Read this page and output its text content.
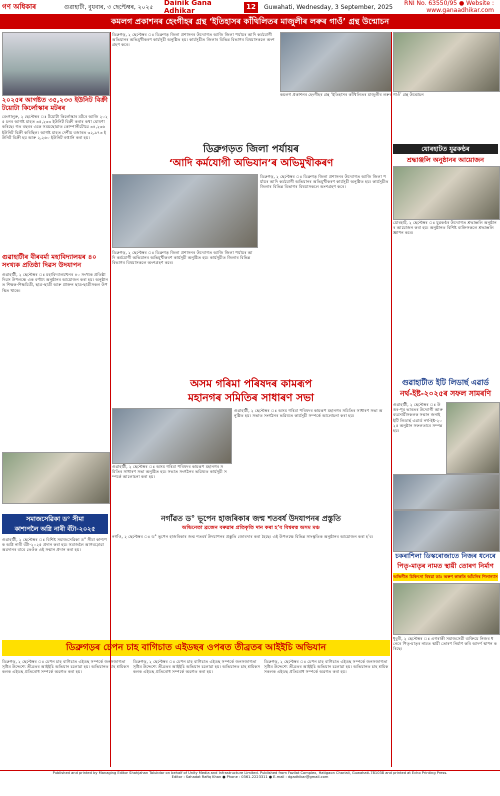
গণ অধিকাৰ	গুৱাহাটী, বুধবাৰ, ৩ ছেপ্টেম্বৰ, ২০২৫	Dainik Gana Adhikar
12	Guwahati, Wednesday, 3 September, 2025	RNI No. 63550/95 ● Website : www.ganaadhikar.com
কমলগ প্ৰকাশনৰ হেংগীহৰ গ্ৰন্থ ‘ইতিহাসৰ কাঁথিলিতৰ মাজুলীৰ লৰুৰ গাওঁ’ গ্ৰন্থ উন্মোচন
২০২৫ৰ আগষ্টত ৩৫,২৩৩ ইউনিট বিক্ৰী টয়োটা কিৰ্লোস্কাৰ মটৰৰ
বেংগালুৰু, ২ ছেপ্টেম্বৰ ঃ টয়োটা কিৰ্লোস্কাৰ মটৰে আজি ২০২৫ চনৰ আগষ্ট মাহত ৩৫,২৩৩ ইউনিট বিক্ৰী কৰাৰ কথা ঘোষণা কৰিছে। গত বছৰৰ একে সময়ছোৱাত কোম্পানীটোৱে ৩৪,২৩৬ ইউনিট বিক্ৰী কৰিছিল। আগষ্ট মাহত দেশীয় বজাৰত ৩২,৯৭৩ ইউনিট বিক্ৰী হয় আৰু ২,২৬০ ইউনিট ৰপ্তানি কৰা হয়।
গুৱাহাটীৰ বীৰবৰ্মা মহাবিদ্যালয়ৰ ৪০ সংখ্যক প্ৰতিষ্ঠা দিৱস উদযাপন
গুৱাহাটী, ২ ছেপ্টেম্বৰ ঃ মহাবিদ্যালয়খনৰ ৪০ সংখ্যক প্ৰতিষ্ঠা দিৱস উপলক্ষে এক বৰ্ণাঢ্য অনুষ্ঠানৰ আয়োজন কৰা হয়। অনুষ্ঠানত শিক্ষক-শিক্ষয়িত্ৰী, ছাত্ৰ-ছাত্ৰী আৰু প্ৰাক্তন ছাত্ৰ-ছাত্ৰীসকল উপস্থিত থাকে।
ডিব্ৰুগড়, ২ ছেপ্টেম্বৰ ঃ ডিব্ৰুগড় জিলা প্ৰশাসনৰ উদ্যোগত আজি জিলা পৰ্যায়ৰ আদি কৰ্মযোগী অভিযানৰ অভিমুখীকৰণ কাৰ্যসূচী অনুষ্ঠিত হয়। কাৰ্যসূচীত জিলাৰ বিভিন্ন বিভাগৰ বিষয়াসকলে অংশগ্ৰহণ কৰে।
কমলগ প্ৰকাশনৰ হেংগীহৰ গ্ৰন্থ ‘ইতিহাসৰ কাঁথিলিতৰ মাজুলীৰ লৰুৰ গাওঁ’ গ্ৰন্থ উন্মোচন
ডিব্ৰুগড়ত জিলা পৰ্যায়ৰ
‘আদি কৰ্মযোগী অভিযান’ৰ অভিমুখীকৰণ
ডিব্ৰুগড়, ২ ছেপ্টেম্বৰ ঃ ডিব্ৰুগড় জিলা প্ৰশাসনৰ উদ্যোগত আজি জিলা পৰ্যায়ৰ আদি কৰ্মযোগী অভিযানৰ অভিমুখীকৰণ কাৰ্যসূচী অনুষ্ঠিত হয়। কাৰ্যসূচীত জিলাৰ বিভিন্ন বিভাগৰ বিষয়াসকলে অংশগ্ৰহণ কৰে।
ডিব্ৰুগড়, ২ ছেপ্টেম্বৰ ঃ ডিব্ৰুগড় জিলা প্ৰশাসনৰ উদ্যোগত আজি জিলা পৰ্যায়ৰ আদি কৰ্মযোগী অভিযানৰ অভিমুখীকৰণ কাৰ্যসূচী অনুষ্ঠিত হয়। কাৰ্যসূচীত জিলাৰ বিভিন্ন বিভাগৰ বিষয়াসকলে অংশগ্ৰহণ কৰে।
যোৰহাটত যুৱকণ্ঠৰ
শ্ৰদ্ধাঞ্জলি অনুষ্ঠানৰ আয়োজন
যোৰহাট, ২ ছেপ্টেম্বৰ ঃ যুৱকণ্ঠৰ উদ্যোগত শ্ৰদ্ধাঞ্জলি অনুষ্ঠানৰ আয়োজন কৰা হয়। অনুষ্ঠানত বিশিষ্ট ব্যক্তিসকলে শ্ৰদ্ধাঞ্জলি জ্ঞাপন কৰে।
অসম গৰিমা পৰিষদৰ কামৰূপ
মহানগৰ সমিতিৰ সাধাৰণ সভা
গুৱাহাটী, ২ ছেপ্টেম্বৰ ঃ অসম গৰিমা পৰিষদৰ কামৰূপ মহানগৰ সমিতিৰ সাধাৰণ সভা অনুষ্ঠিত হয়। সভাত সংগঠনৰ ভৱিষ্যত কাৰ্যসূচী সম্পৰ্কে আলোচনা কৰা হয়।
গুৱাহাটী, ২ ছেপ্টেম্বৰ ঃ অসম গৰিমা পৰিষদৰ কামৰূপ মহানগৰ সমিতিৰ সাধাৰণ সভা অনুষ্ঠিত হয়। সভাত সংগঠনৰ ভৱিষ্যত কাৰ্যসূচী সম্পৰ্কে আলোচনা কৰা হয়।
গুৱাহাটীত ইটি লিডাৰ্ছ এৱাৰ্ড
নৰ্থ-ইষ্ট-২০২৫ৰ সফল সামৰণি
গুৱাহাটী, ২ ছেপ্টেম্বৰ ঃ উত্তৰ-পূব ভাৰতৰ উদ্যোগী আৰু ব্যৱসায়ীসকলক সন্মান জনাই ইটি লিডাৰ্ছ এৱাৰ্ড নৰ্থ-ইষ্ট-২০২৫ অনুষ্ঠান সফলতাৰে সম্পন্ন হয়।
সমাজসেৱিকা ড° সীমা
কাশ্যপলৈ অগ্নি নাৰী বঁটা-২০২৫
গুৱাহাটী, ২ ছেপ্টেম্বৰ ঃ বিশিষ্ট সমাজসেৱিকা ড° সীমা কাশ্যপক অগ্নি নাৰী বঁটা-২০২৫ প্ৰদান কৰা হয়। সমাজলৈ আগবঢ়োৱা অৱদানৰ বাবে তেওঁক এই সন্মান প্ৰদান কৰা হয়।
নগাঁৱত ড° ভূপেন হাজৰিকাৰ জন্ম শতবৰ্ষ উদযাপনৰ প্ৰস্তুতি
অভিনেতা ব্ৰজেন বৰুৱাৰ প্ৰতিকৃতি দান কৰা হ’ব বিশ্বৰত্ন অসম মঞ্চ
নগাঁও, ২ ছেপ্টেম্বৰ ঃ ড° ভূপেন হাজৰিকাৰ জন্ম শতবৰ্ষ উদযাপনৰ প্ৰস্তুতি জোৰদাৰ কৰা হৈছে। এই উপলক্ষে বিভিন্ন সাংস্কৃতিক অনুষ্ঠানৰ আয়োজন কৰা হ’ব।
চকৰাশিলা ডিস্কৰোজাতে নিজৰ ধনেৰে
পিতৃ-মাতৃৰ নামত স্থায়ী তোৰণ নিৰ্মাণ
অভিনীত চিকিৎসা বিষয়া ডাঃ অৰুণ কাকতি আঁচনিৰ শিলান্যাস
ধুবুৰী, ২ ছেপ্টেম্বৰ ঃ এগৰাকী সমাজসেৱী ব্যক্তিয়ে নিজৰ ধনেৰে পিতৃ-মাতৃৰ নামত স্থায়ী তোৰণ নিৰ্মাণ কৰি আদৰ্শ স্থাপন কৰিছে।
ডিব্ৰুগড়ৰ চেপন চাহ বাগিচাত এইডছৰ ওপৰত তীব্ৰতৰ আইইচি অভিযান
ডিব্ৰুগড়, ২ ছেপ্টেম্বৰ ঃ চেপন চাহ বাগিচাত এইডছ সম্পৰ্কে জনসজাগতা সৃষ্টিৰ উদ্দেশ্যে তীব্ৰতৰ আইইচি অভিযান চলোৱা হয়। অভিযানত চাহ শ্ৰমিকসকলক এইডছ প্ৰতিৰোধ সম্পৰ্কে অৱগত কৰা হয়।
ডিব্ৰুগড়, ২ ছেপ্টেম্বৰ ঃ চেপন চাহ বাগিচাত এইডছ সম্পৰ্কে জনসজাগতা সৃষ্টিৰ উদ্দেশ্যে তীব্ৰতৰ আইইচি অভিযান চলোৱা হয়। অভিযানত চাহ শ্ৰমিকসকলক এইডছ প্ৰতিৰোধ সম্পৰ্কে অৱগত কৰা হয়।
ডিব্ৰুগড়, ২ ছেপ্টেম্বৰ ঃ চেপন চাহ বাগিচাত এইডছ সম্পৰ্কে জনসজাগতা সৃষ্টিৰ উদ্দেশ্যে তীব্ৰতৰ আইইচি অভিযান চলোৱা হয়। অভিযানত চাহ শ্ৰমিকসকলক এইডছ প্ৰতিৰোধ সম্পৰ্কে অৱগত কৰা হয়।
Published and printed by Managing Editor Shahjahan Talukdar on behalf of Unity Media and Infrastructure Limited. Published from Fazilat Complex, Hatigaon Chariali, Guwahati-781038 and printed at Echo Printing Press.
Editor : Sahadat Rafiq Khan ● Phone : 0361-2223311 ● E-mail : dgadhikar@gmail.com
